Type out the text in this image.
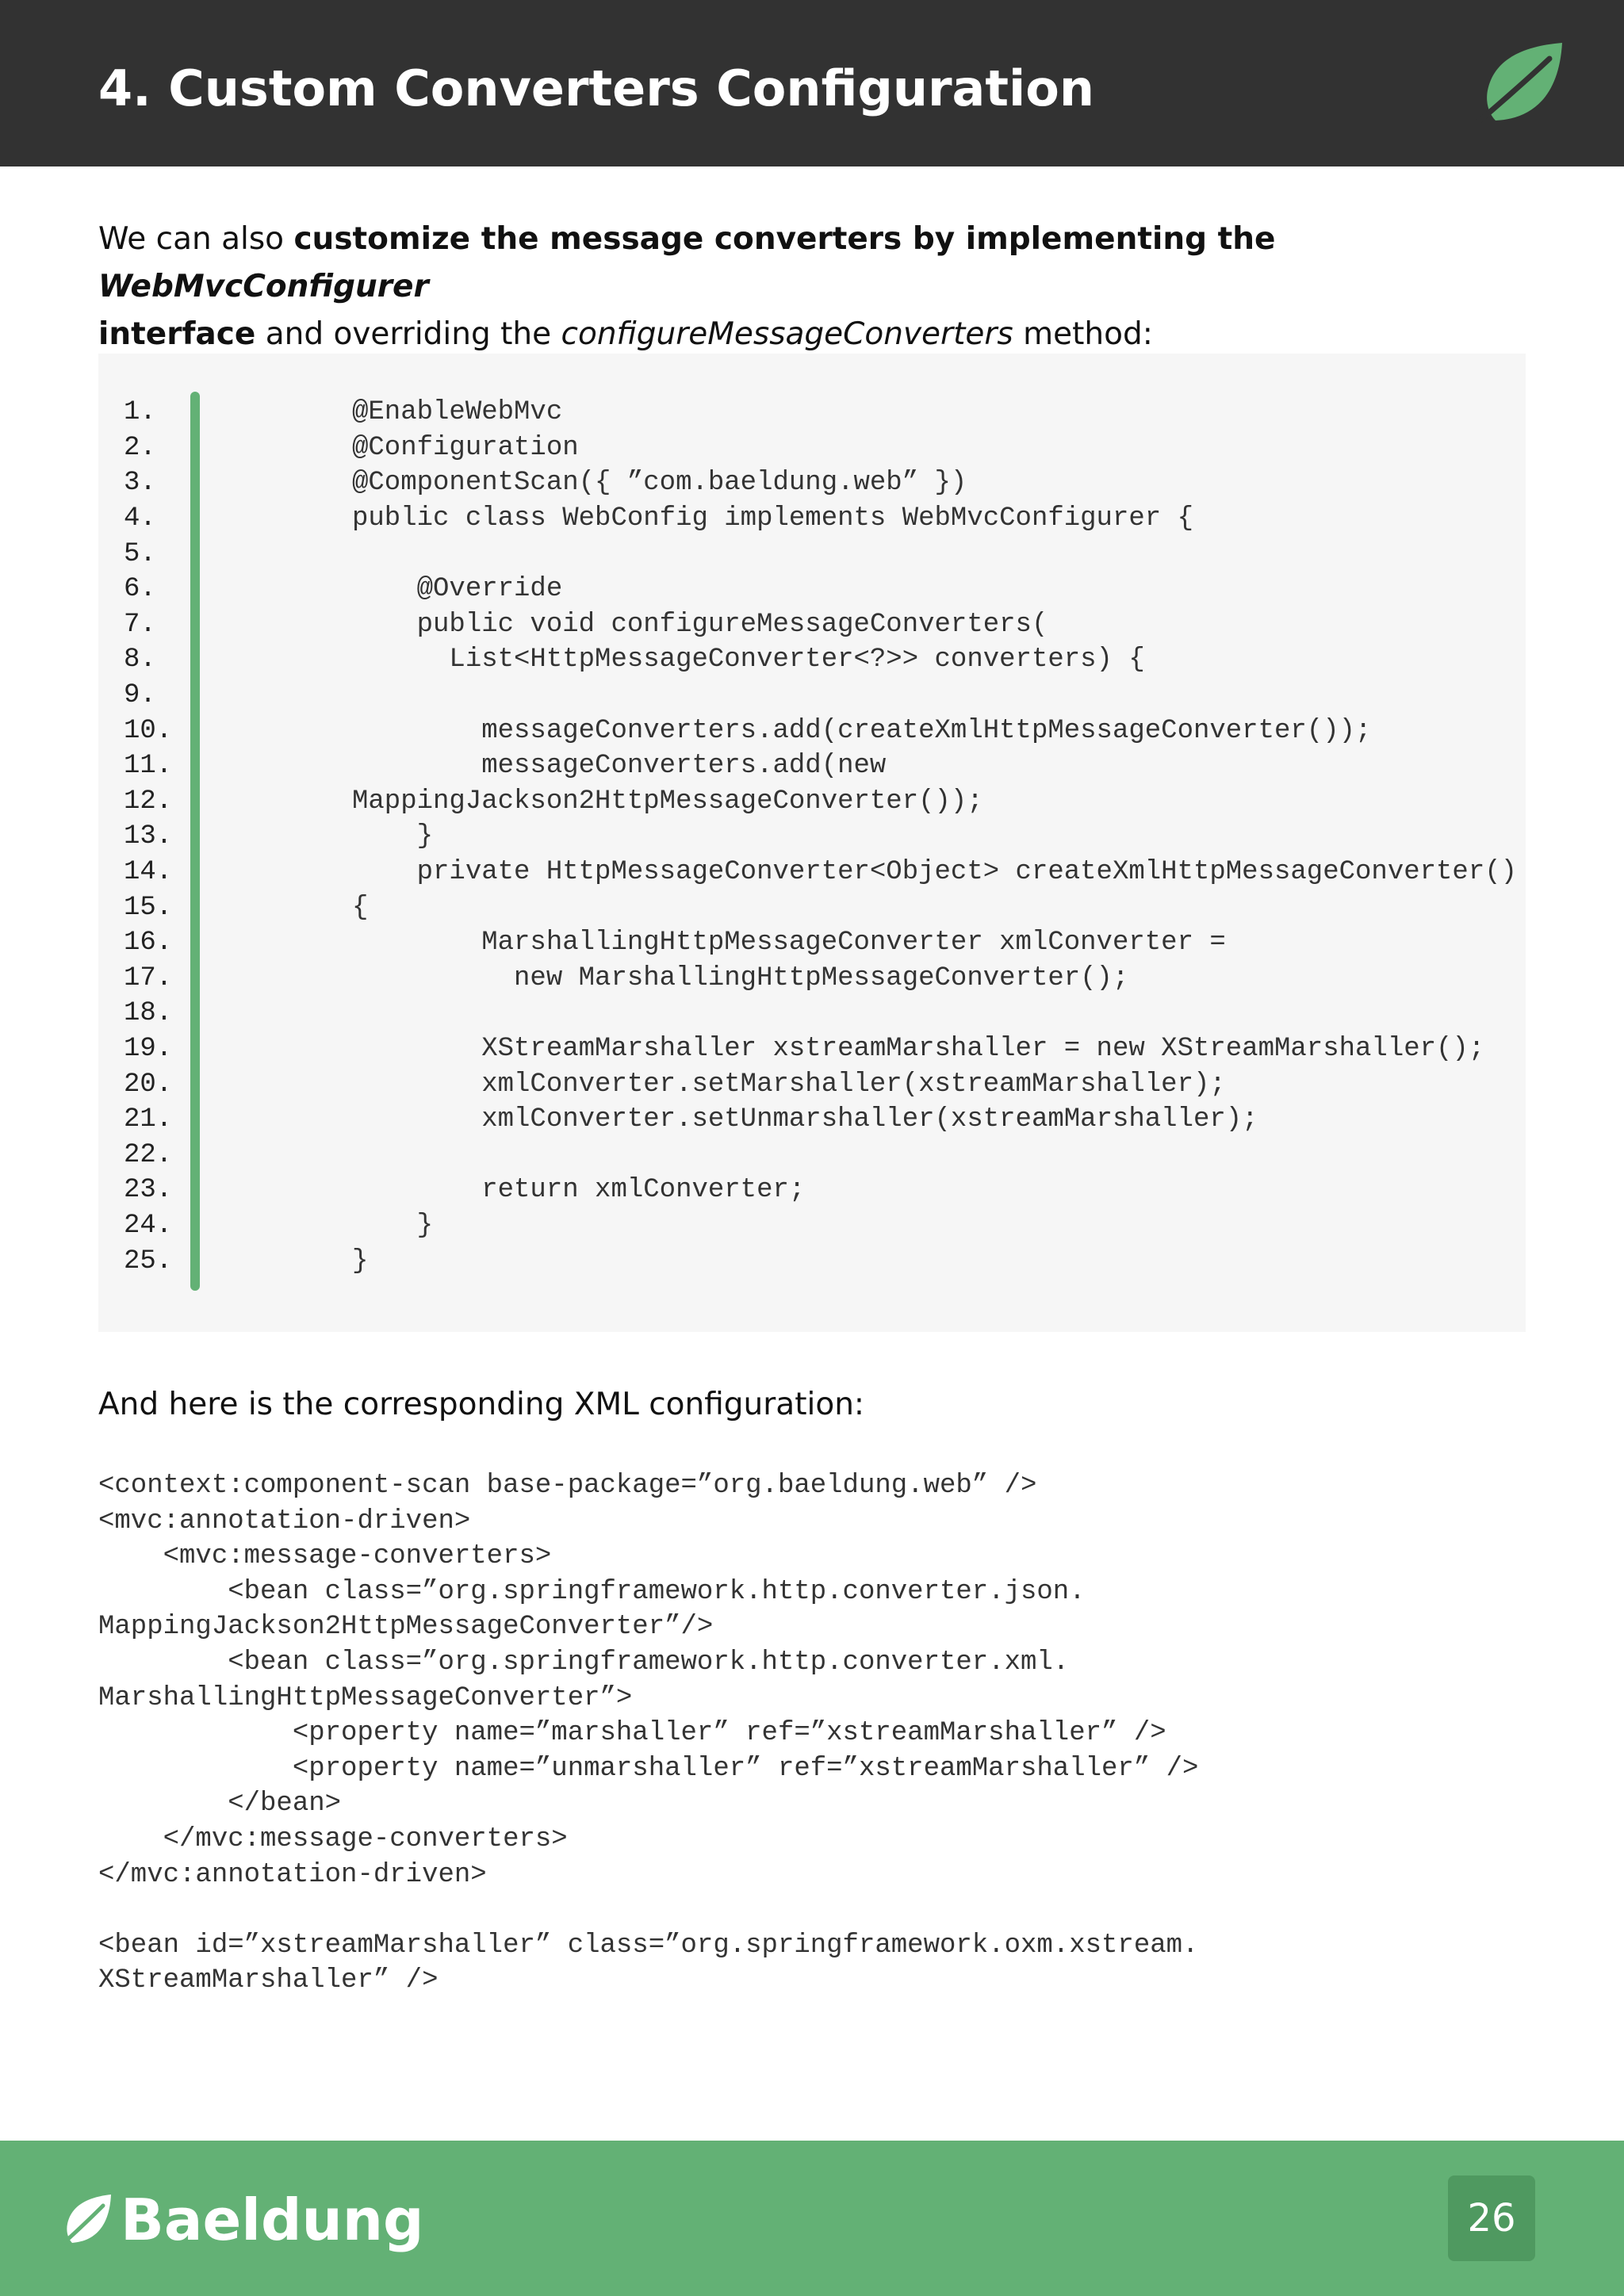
4. Custom Converters Configuration

We can also customize the message converters by implementing the WebMvcConfigurer
interface and overriding the configureMessageConverters method:

1.	@EnableWebMvc
2.	@Configuration
3.	@ComponentScan({ ”com.baeldung.web” })
4.	public class WebConfig implements WebMvcConfigurer {
5.
6.	@Override
7.	public void configureMessageConverters(
8.	List<HttpMessageConverter<?>> converters) {
9.
10.	messageConverters.add(createXmlHttpMessageConverter());
11.	messageConverters.add(new
12.	MappingJackson2HttpMessageConverter());
13.	}
14.	private HttpMessageConverter<Object> createXmlHttpMessageConverter()
15.	{
16.	MarshallingHttpMessageConverter xmlConverter =
17.	new MarshallingHttpMessageConverter();
18.
19.	XStreamMarshaller xstreamMarshaller = new XStreamMarshaller();
20.	xmlConverter.setMarshaller(xstreamMarshaller);
21.	xmlConverter.setUnmarshaller(xstreamMarshaller);
22.
23.	return xmlConverter;
24.	}
25.	}

And here is the corresponding XML configuration:

<context:component-scan base-package=”org.baeldung.web” />
<mvc:annotation-driven>
<mvc:message-converters>
<bean class=”org.springframework.http.converter.json.
MappingJackson2HttpMessageConverter”/>
<bean class=”org.springframework.http.converter.xml.
MarshallingHttpMessageConverter”>
<property name=”marshaller” ref=”xstreamMarshaller” />
<property name=”unmarshaller” ref=”xstreamMarshaller” />
</bean>
</mvc:message-converters>
</mvc:annotation-driven>
<bean id=”xstreamMarshaller” class=”org.springframework.oxm.xstream.
XStreamMarshaller” />
Baeldung	26
